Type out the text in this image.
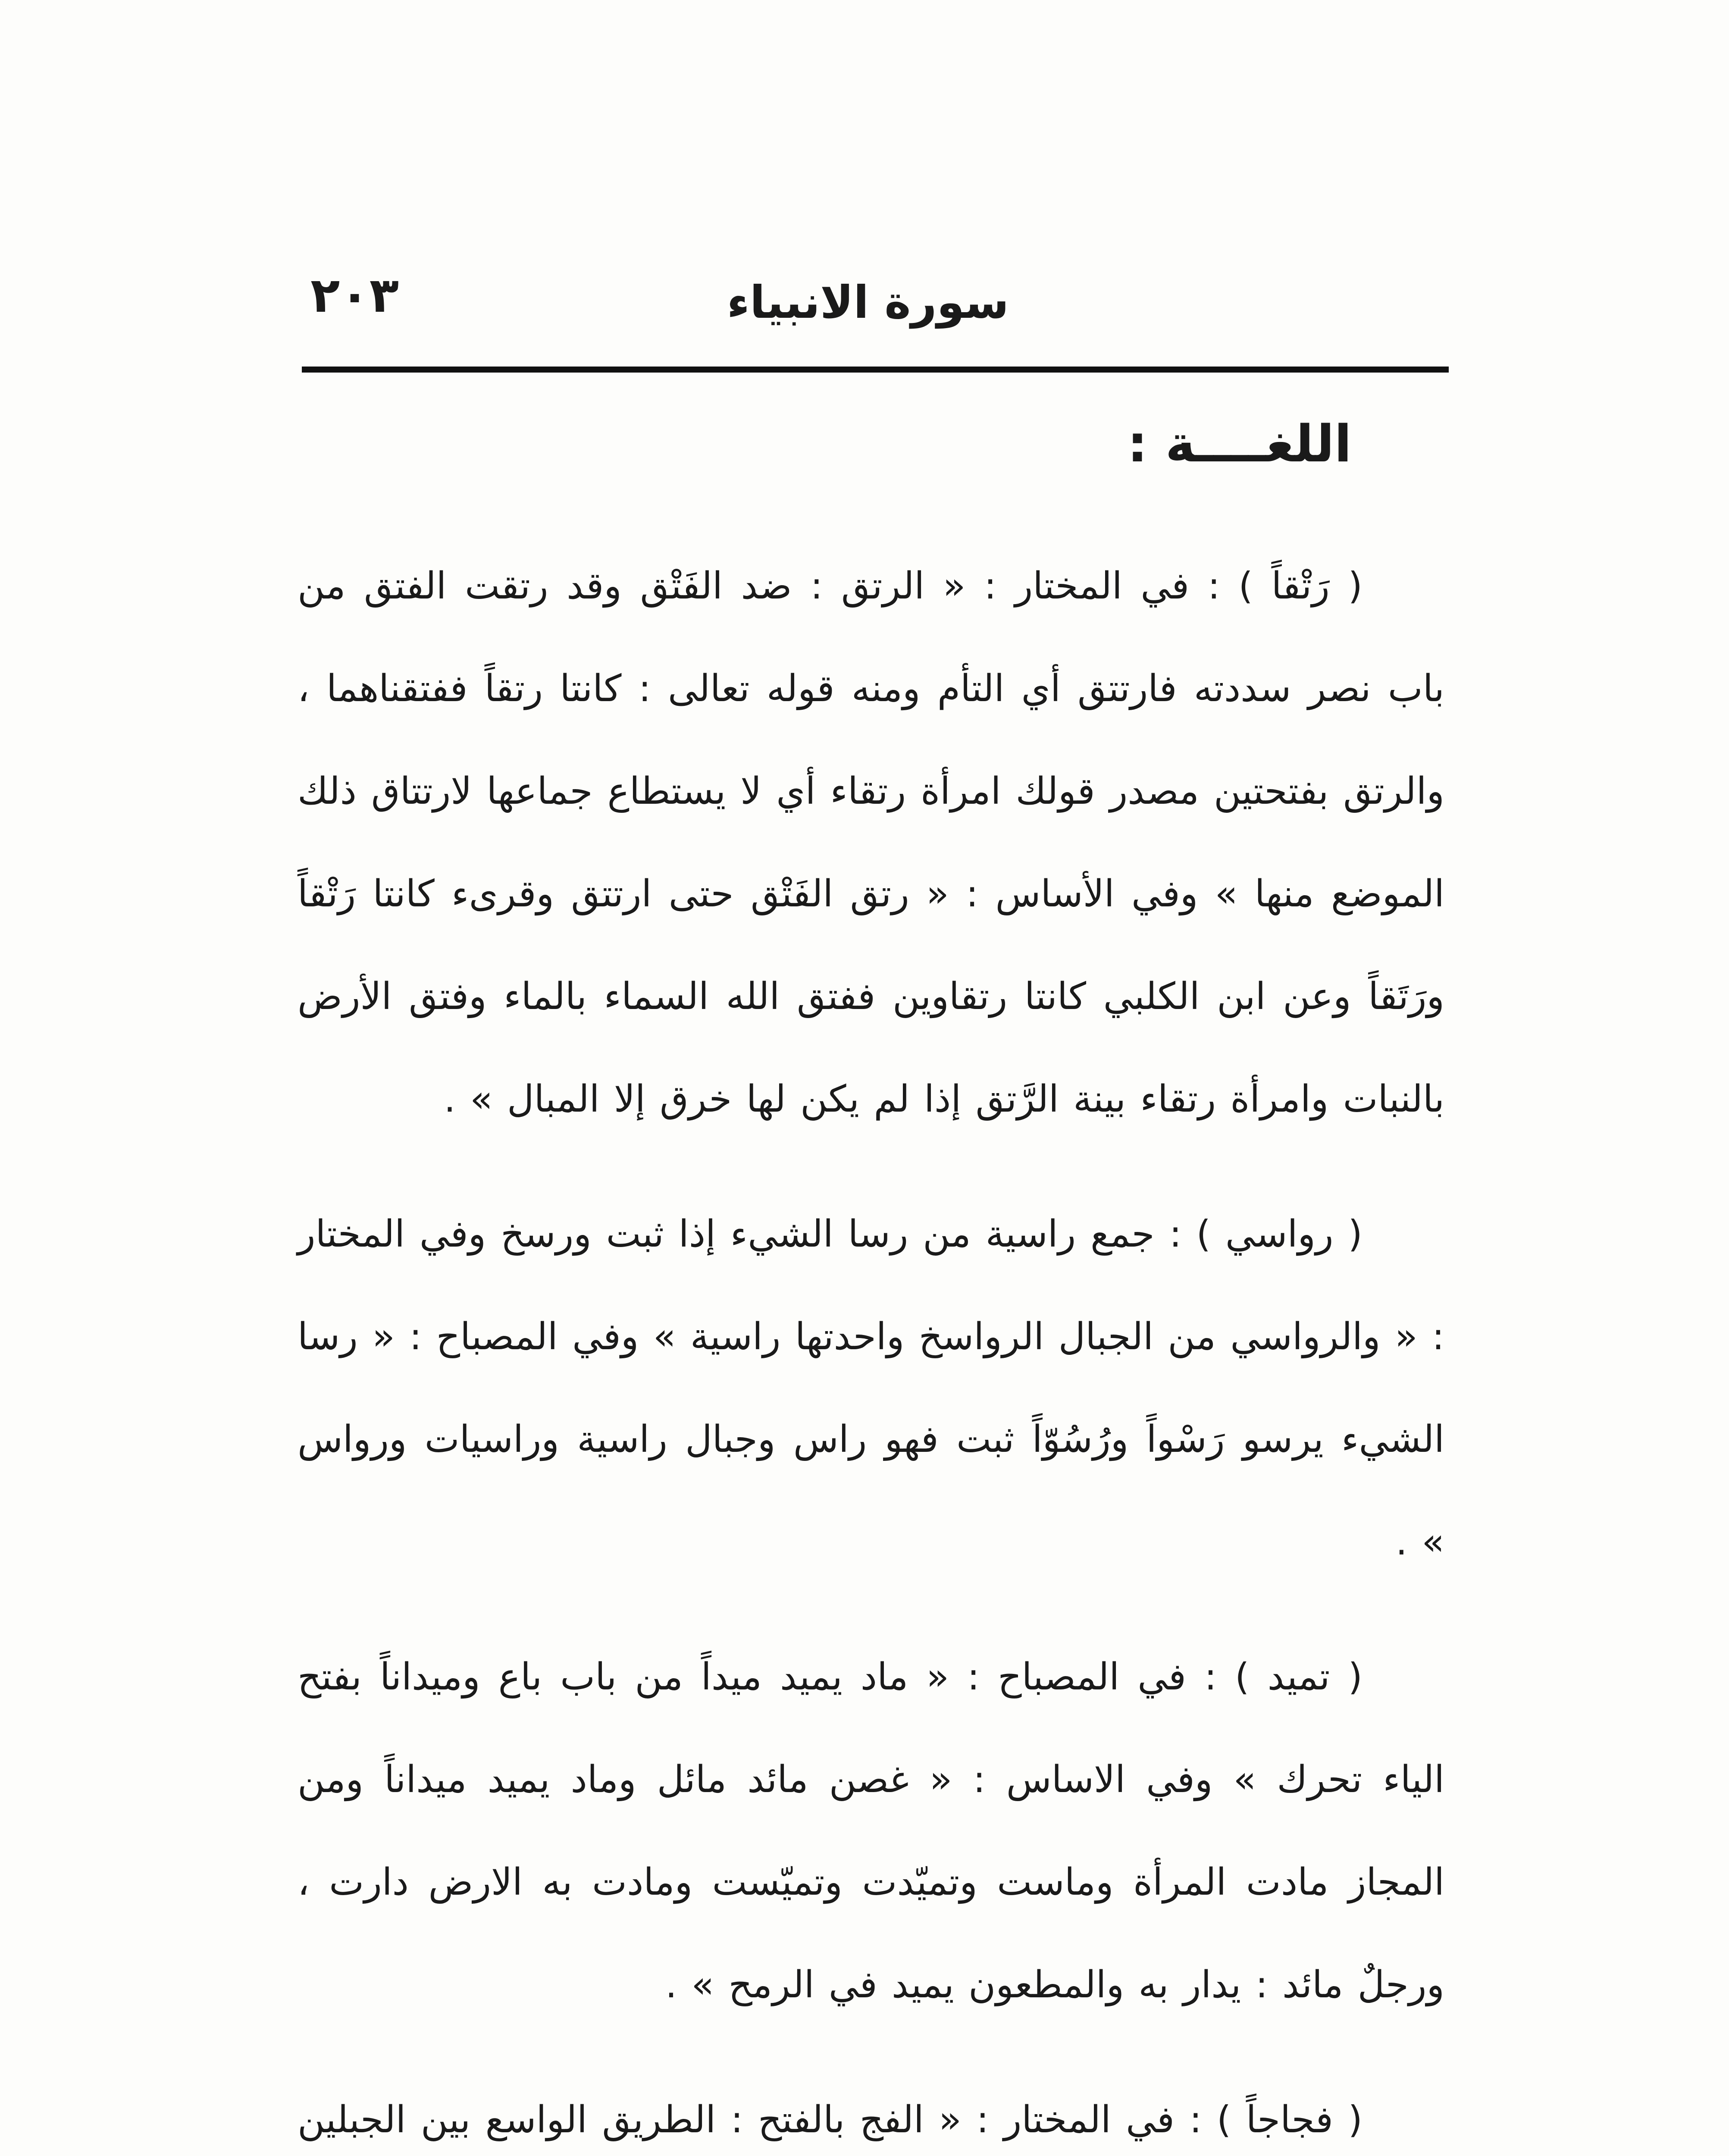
سورة الانبياء
٢٠٣
اللغــــة :

( رَتْقاً ) : في المختار : « الرتق : ضد الفَتْق وقد رتقت الفتق من باب نصر سددته فارتتق أي التأم ومنه قوله تعالى : كانتا رتقاً ففتقناهما ، والرتق بفتحتين مصدر قولك امرأة رتقاء أي لا يستطاع جماعها لارتتاق ذلك الموضع منها » وفي الأساس : « رتق الفَتْق حتى ارتتق وقرىء كانتا رَتْقاً ورَتَقاً وعن ابن الكلبي كانتا رتقاوين ففتق الله السماء بالماء وفتق الأرض بالنبات وامرأة رتقاء بينة الرَّتق إذا لم يكن لها خرق إلا المبال » .

( رواسي ) : جمع راسية من رسا الشيء إذا ثبت ورسخ وفي المختار : « والرواسي من الجبال الرواسخ واحدتها راسية » وفي المصباح : « رسا الشيء يرسو رَسْواً ورُسُوّاً ثبت فهو راس وجبال راسية وراسيات ورواس » .

( تميد ) : في المصباح : « ماد يميد ميداً من باب باع وميداناً بفتح الياء تحرك » وفي الاساس : « غصن مائد مائل وماد يميد ميداناً ومن المجاز مادت المرأة وماست وتميّدت وتميّست ومادت به الارض دارت ، ورجلٌ مائد : يدار به والمطعون يميد في الرمح » .

( فجاجاً ) : في المختار : « الفج بالفتح : الطريق الواسع بين الجبلين
